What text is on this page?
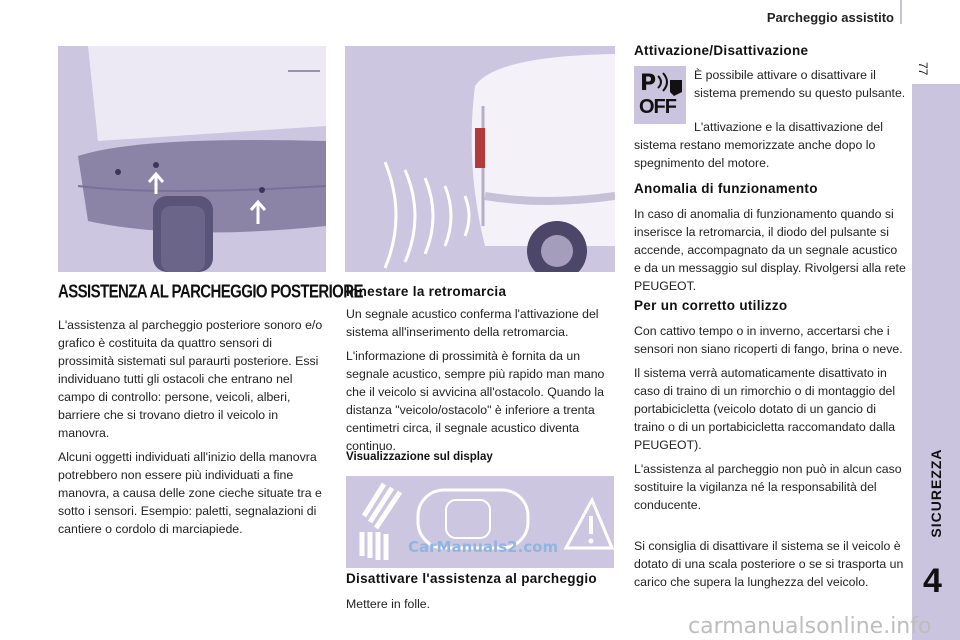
Parcheggio assistito
77
SICUREZZA
4
ASSISTENZA AL PARCHEGGIO POSTERIORE

L'assistenza al parcheggio posteriore sonoro e/o grafico è costituita da quattro sensori di prossimità sistemati sul paraurti posteriore. Essi individuano tutti gli ostacoli che entrano nel campo di controllo: persone, veicoli, alberi, barriere che si trovano dietro il veicolo in manovra.

Alcuni oggetti individuati all'inizio della manovra potrebbero non essere più individuati a fine manovra, a causa delle zone cieche situate tra e sotto i sensori. Esempio: paletti, segnalazioni di cantiere o cordolo di marciapiede.

Innestare la retromarcia

Un segnale acustico conferma l'attivazione del sistema all'inserimento della retromarcia.

L'informazione di prossimità è fornita da un segnale acustico, sempre più rapido man mano che il veicolo si avvicina all'ostacolo. Quando la distanza "veicolo/ostacolo" è inferiore a trenta centimetri circa, il segnale acustico diventa continuo.

Visualizzazione sul display
CarManuals2.com
Disattivare l'assistenza al parcheggio

Mettere in folle.

Attivazione/Disattivazione
P
OFF

È possibile attivare o disattivare il sistema premendo su questo pulsante.

L'attivazione e la disattivazione del sistema restano memorizzate anche dopo lo spegnimento del motore.

Anomalia di funzionamento

In caso di anomalia di funzionamento quando si inserisce la retromarcia, il diodo del pulsante si accende, accompagnato da un segnale acustico e da un messaggio sul display. Rivolgersi alla rete PEUGEOT.

Per un corretto utilizzo

Con cattivo tempo o in inverno, accertarsi che i sensori non siano ricoperti di fango, brina o neve.

Il sistema verrà automaticamente disattivato in caso di traino di un rimorchio o di montaggio del portabicicletta (veicolo dotato di un gancio di traino o di un portabicicletta raccomandato dalla PEUGEOT).

L'assistenza al parcheggio non può in alcun caso sostituire la vigilanza né la responsabilità del conducente.

Si consiglia di disattivare il sistema se il veicolo è dotato di una scala posteriore o se si trasporta un carico che supera la lunghezza del veicolo.

carmanualsonline.info
